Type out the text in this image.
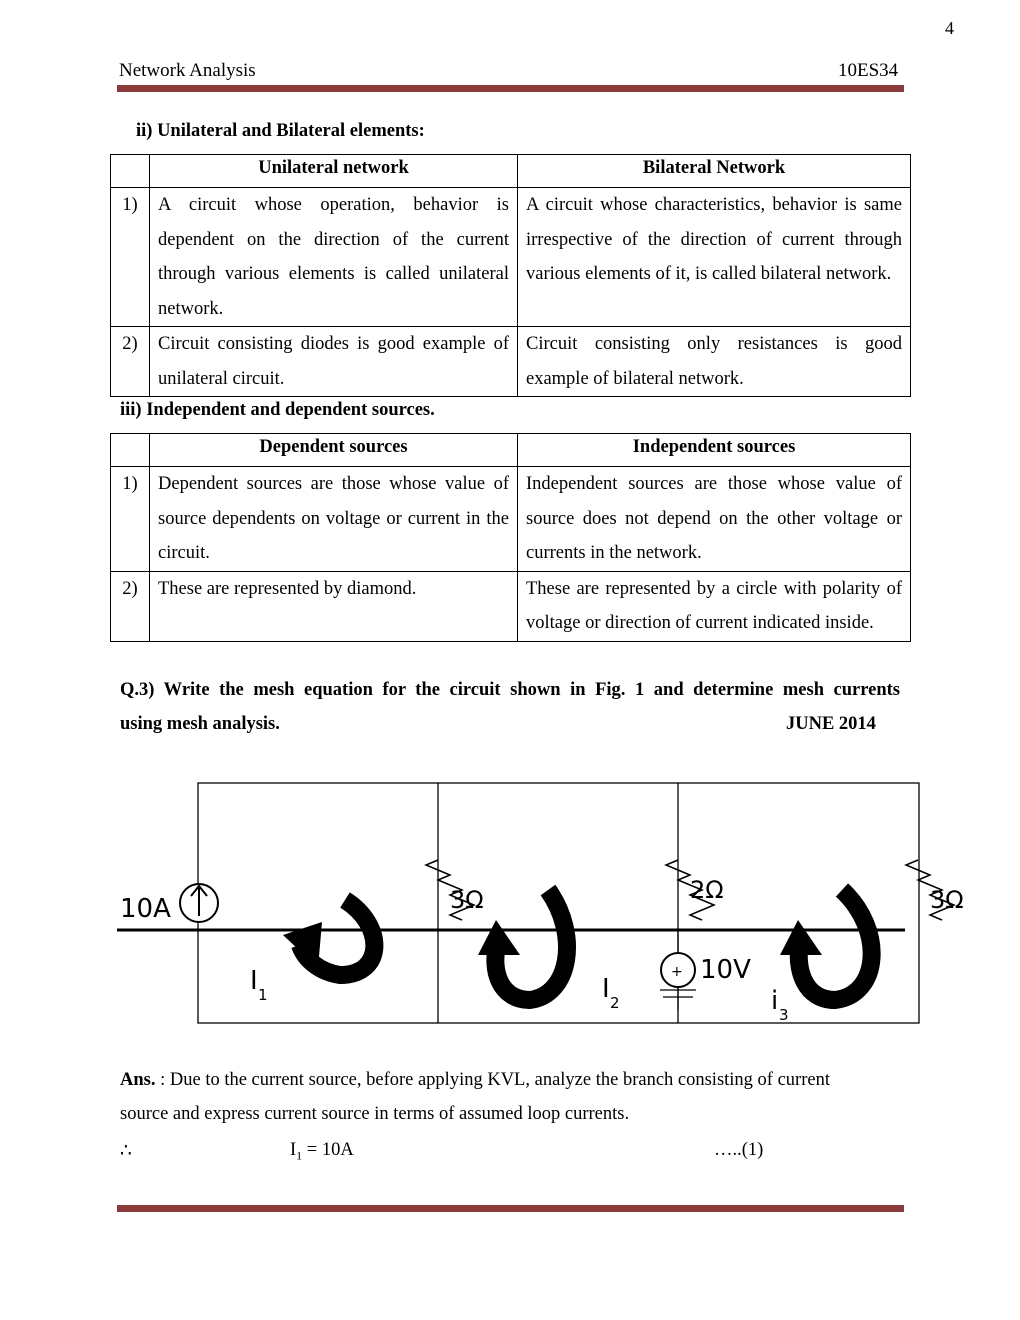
4
Network Analysis	10ES34
ii) Unilateral and Bilateral elements:
	Unilateral network	Bilateral Network
1)	A circuit whose operation, behavior is dependent on the direction of the current through various elements is called unilateral network.	A circuit whose characteristics, behavior is same irrespective of the direction of current through various elements of it, is called bilateral network.
2)	Circuit consisting diodes is good example of unilateral circuit.	Circuit consisting only resistances is good example of bilateral network.
iii) Independent and dependent sources.
	Dependent sources	Independent sources
1)	Dependent sources are those whose value of source dependents on voltage or current in the circuit.	Independent sources are those whose value of source does not depend on the other voltage or currents in the network.
2)	These are represented by diamond.	These are represented by a circle with polarity of voltage or direction of current indicated inside.
Q.3) Write the mesh equation for the circuit shown in Fig. 1 and determine mesh currents
using mesh analysis.	JUNE 2014
10A	3Ω	2Ω	3Ω
+ 10V
I 1	I 2	i 3
Ans. : Due to the current source, before applying KVL, analyze the branch consisting of current
source and express current source in terms of assumed loop currents.
∴	$I_1 = 10A$	…..(1)
